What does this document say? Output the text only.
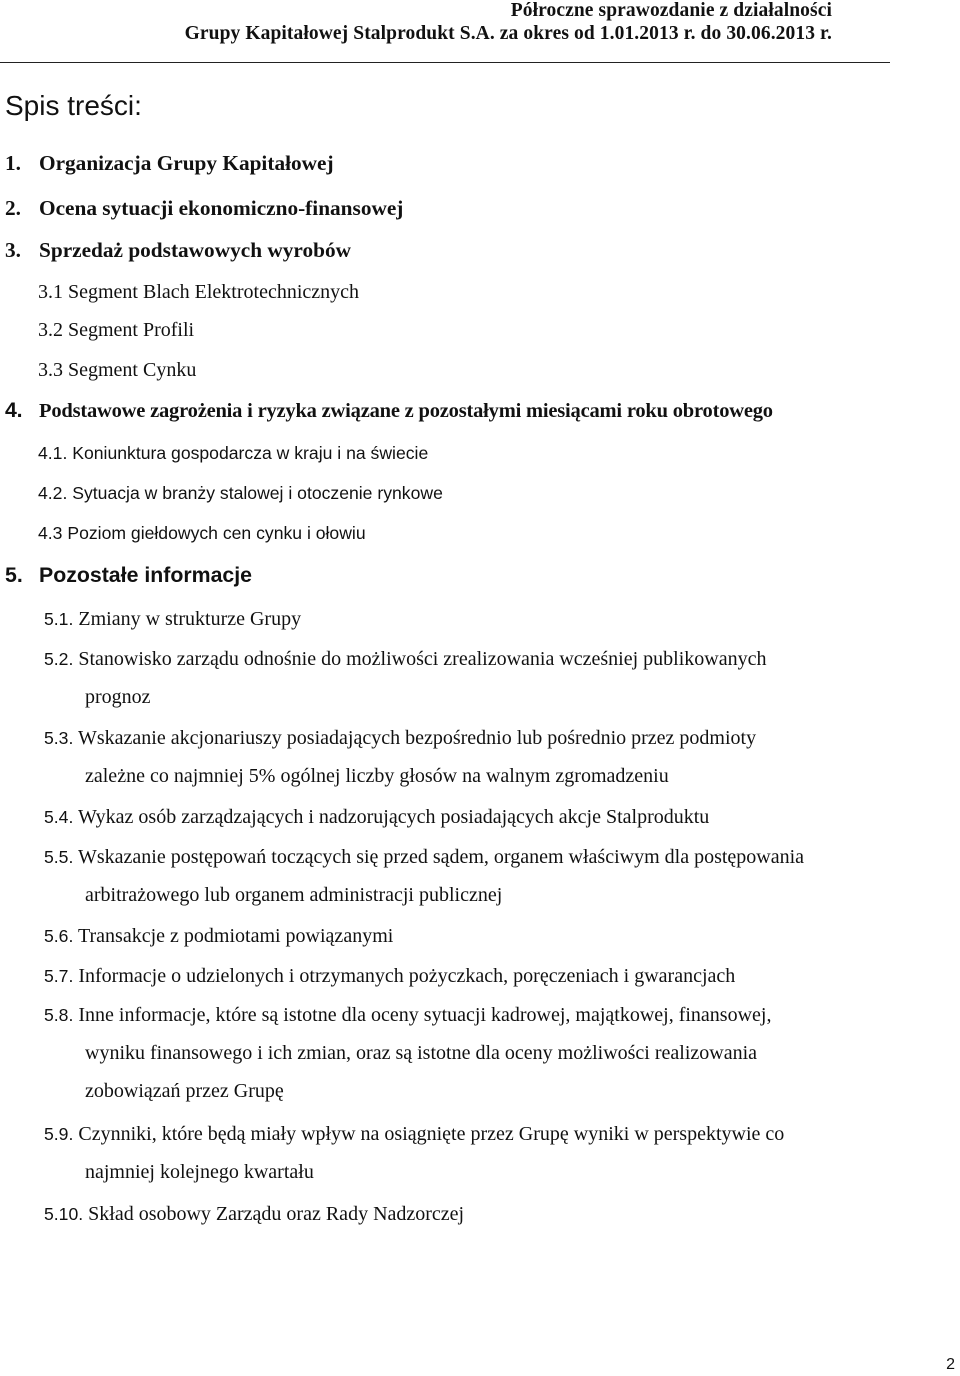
Półroczne sprawozdanie z działalności
Grupy Kapitałowej Stalprodukt S.A. za okres od 1.01.2013 r. do 30.06.2013 r.
Spis treści:
1. Organizacja Grupy Kapitałowej
2. Ocena sytuacji ekonomiczno-finansowej
3. Sprzedaż podstawowych wyrobów
3.1 Segment Blach Elektrotechnicznych
3.2 Segment Profili
3.3 Segment Cynku
4. Podstawowe zagrożenia i ryzyka związane z pozostałymi miesiącami roku obrotowego
4.1. Koniunktura gospodarcza w kraju i na świecie
4.2. Sytuacja w branży stalowej i otoczenie rynkowe
4.3 Poziom giełdowych cen cynku i ołowiu
5. Pozostałe informacje
5.1. Zmiany w strukturze Grupy
5.2. Stanowisko zarządu odnośnie do możliwości zrealizowania wcześniej publikowanych
prognoz
5.3. Wskazanie akcjonariuszy posiadających bezpośrednio lub pośrednio przez podmioty
zależne co najmniej 5% ogólnej liczby głosów na walnym zgromadzeniu
5.4. Wykaz osób zarządzających i nadzorujących posiadających akcje Stalproduktu
5.5. Wskazanie postępowań toczących się przed sądem, organem właściwym dla postępowania
arbitrażowego lub organem administracji publicznej
5.6. Transakcje z podmiotami powiązanymi
5.7. Informacje o udzielonych i otrzymanych pożyczkach, poręczeniach i gwarancjach
5.8. Inne informacje, które są istotne dla oceny sytuacji kadrowej, majątkowej, finansowej,
wyniku finansowego i ich zmian, oraz są istotne dla oceny możliwości realizowania
zobowiązań przez Grupę
5.9. Czynniki, które będą miały wpływ na osiągnięte przez Grupę wyniki w perspektywie co
najmniej kolejnego kwartału
5.10. Skład osobowy Zarządu oraz Rady Nadzorczej
2
